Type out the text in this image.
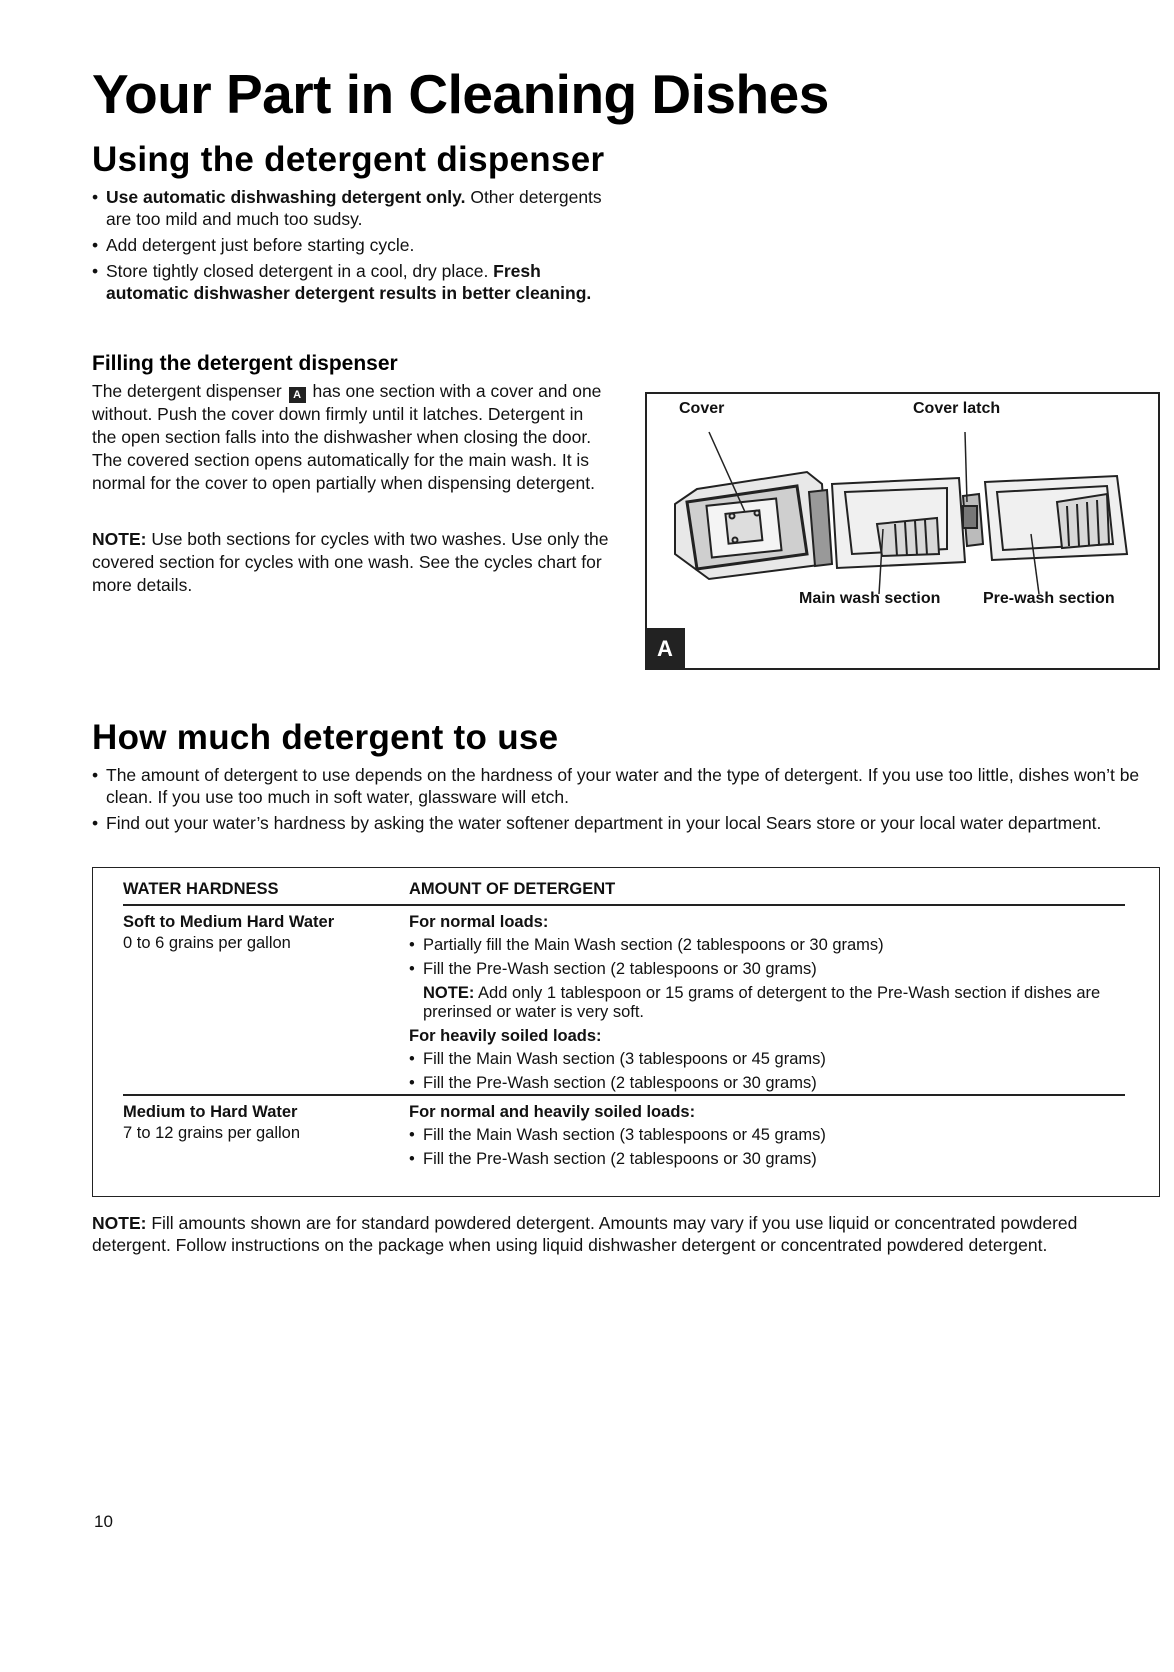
Your Part in Cleaning Dishes
Using the detergent dispenser
• Use automatic dishwashing detergent only. Other detergents are too mild and much too sudsy.
• Add detergent just before starting cycle.
• Store tightly closed detergent in a cool, dry place. Fresh automatic dishwasher detergent results in better cleaning.
Filling the detergent dispenser

The detergent dispenser A has one section with a cover and one without. Push the cover down firmly until it latches. Detergent in the open section falls into the dishwasher when closing the door. The covered section opens automatically for the main wash. It is normal for the cover to open partially when dispensing detergent.

NOTE: Use both sections for cycles with two washes. Use only the covered section for cycles with one wash. See the cycles chart for more details.

Cover	Cover latch
Main wash section	Pre-wash section
A
How much detergent to use
• The amount of detergent to use depends on the hardness of your water and the type of detergent. If you use too little, dishes won’t be clean. If you use too much in soft water, glassware will etch.
• Find out your water’s hardness by asking the water softener department in your local Sears store or your local water department.
WATER HARDNESS	AMOUNT OF DETERGENT
Soft to Medium Hard Water
0 to 6 grains per gallon
For normal loads:
• Partially fill the Main Wash section (2 tablespoons or 30 grams)
• Fill the Pre-Wash section (2 tablespoons or 30 grams)
NOTE: Add only 1 tablespoon or 15 grams of detergent to the Pre-Wash section if dishes are prerinsed or water is very soft.
For heavily soiled loads:
• Fill the Main Wash section (3 tablespoons or 45 grams)
• Fill the Pre-Wash section (2 tablespoons or 30 grams)
Medium to Hard Water
7 to 12 grains per gallon
For normal and heavily soiled loads:
• Fill the Main Wash section (3 tablespoons or 45 grams)
• Fill the Pre-Wash section (2 tablespoons or 30 grams)

NOTE: Fill amounts shown are for standard powdered detergent. Amounts may vary if you use liquid or concentrated powdered detergent. Follow instructions on the package when using liquid dishwasher detergent or concentrated powdered detergent.

10
